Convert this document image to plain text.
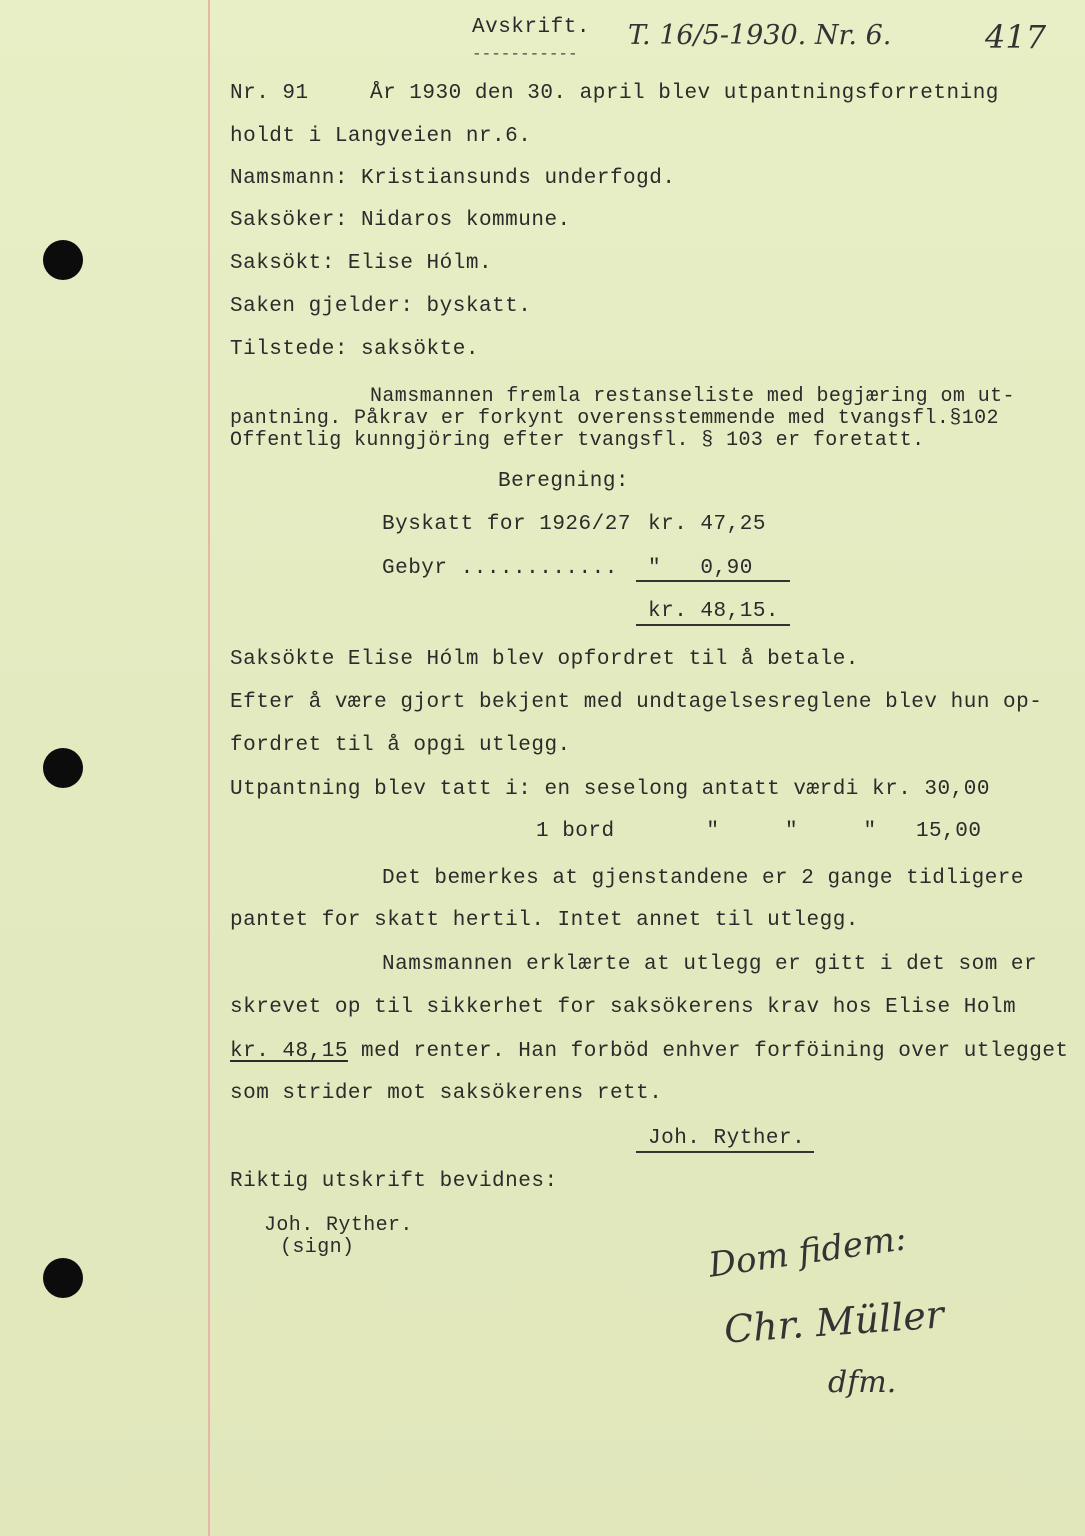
Avskrift.
-----------
T. 16/5-1930. Nr. 6.	417
Nr. 91	År 1930 den 30. april blev utpantningsforretning
holdt i Langveien nr.6.
Namsmann: Kristiansunds underfogd.
Saksöker: Nidaros kommune.
Saksökt: Elise Hólm.
Saken gjelder: byskatt.
Tilstede: saksökte.
Namsmannen fremla restanseliste med begjæring om ut-
pantning. Påkrav er forkynt overensstemmende med tvangsfl.§102
Offentlig kunngjöring efter tvangsfl. § 103 er foretatt.
Beregning:
Byskatt for 1926/27 kr. 47,25
Gebyr ............ "   0,90
kr. 48,15.
Saksökte Elise Hólm blev opfordret til å betale.
Efter å være gjort bekjent med undtagelsesreglene blev hun op-
fordret til å opgi utlegg.
Utpantning blev tatt i: en seselong antatt værdi kr. 30,00
1 bord       "     "     "   15,00
Det bemerkes at gjenstandene er 2 gange tidligere
pantet for skatt hertil. Intet annet til utlegg.
Namsmannen erklærte at utlegg er gitt i det som er
skrevet op til sikkerhet for saksökerens krav hos Elise Holm
kr. 48,15 med renter. Han forböd enhver forföining over utlegget
som strider mot saksökerens rett.
Joh. Ryther.
Riktig utskrift bevidnes:
Joh. Ryther.
(sign)	Dom fidem:
Chr. Müller
dfm.
